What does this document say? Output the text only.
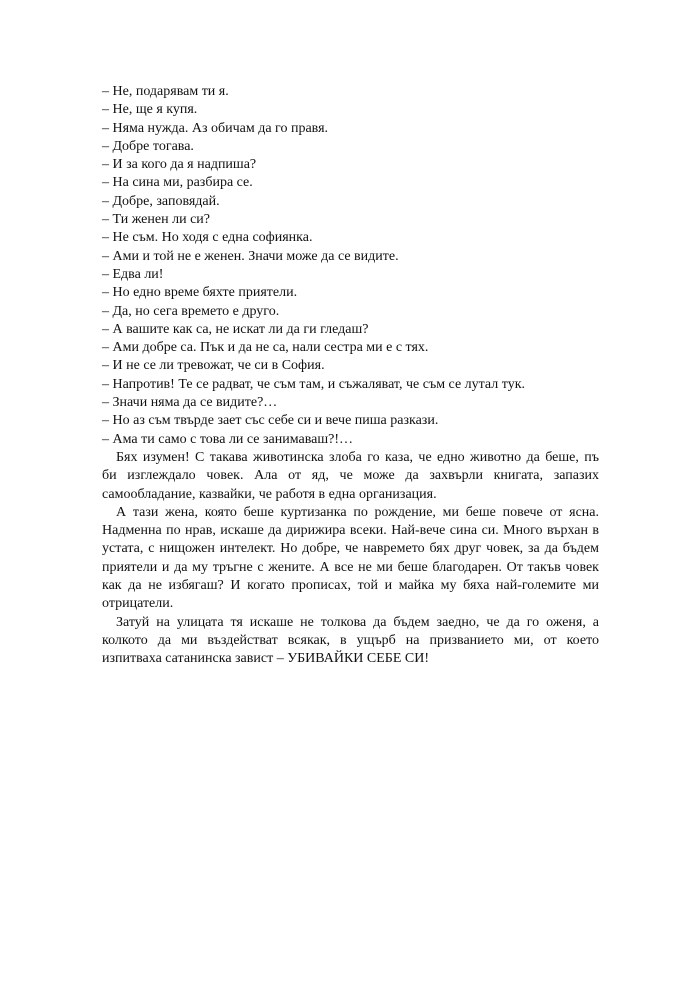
– Не, подарявам ти я.

– Не, ще я купя.

– Няма нужда. Аз обичам да го правя.

– Добре тогава.

– И за кого да я надпиша?

– На сина ми, разбира се.

– Добре, заповядай.

– Ти женен ли си?

– Не съм. Но ходя с една софиянка.

– Ами и той не е женен. Значи може да се видите.

– Едва ли!

– Но едно време бяхте приятели.

– Да, но сега времето е друго.

– А вашите как са, не искат ли да ги гледаш?

– Ами добре са. Пък и да не са, нали сестра ми е с тях.

– И не се ли тревожат, че си в София.

– Напротив! Те се радват, че съм там, и съжаляват, че съм се лутал тук.

– Значи няма да се видите?…

– Но аз съм твърде зает със себе си и вече пиша разкази.

– Ама ти само с това ли се занимаваш?!…

Бях изумен! С такава животинска злоба го каза, че едно животно да беше, пъ
би изглеждало човек. Ала от яд, че може да захвърли книгата, запазих
самообладание, казвайки, че работя в една организация.
А тази жена, която беше куртизанка по рождение, ми беше повече от ясна.
Надменна по нрав, искаше да дирижира всеки. Най-вече сина си. Много върхан в
устата, с нищожен интелект. Но добре, че навремето бях друг човек, за да бъдем
приятели и да му тръгне с жените. А все не ми беше благодарен. От такъв човек
как да не избягаш? И когато прописах, той и майка му бяха най-големите ми
отрицатели.
Затуй на улицата тя искаше не толкова да бъдем заедно, че да го оженя, а
колкото да ми въздействат всякак, в ущърб на призванието ми, от което
изпитваха сатанинска завист – УБИВАЙКИ СЕБЕ СИ!
